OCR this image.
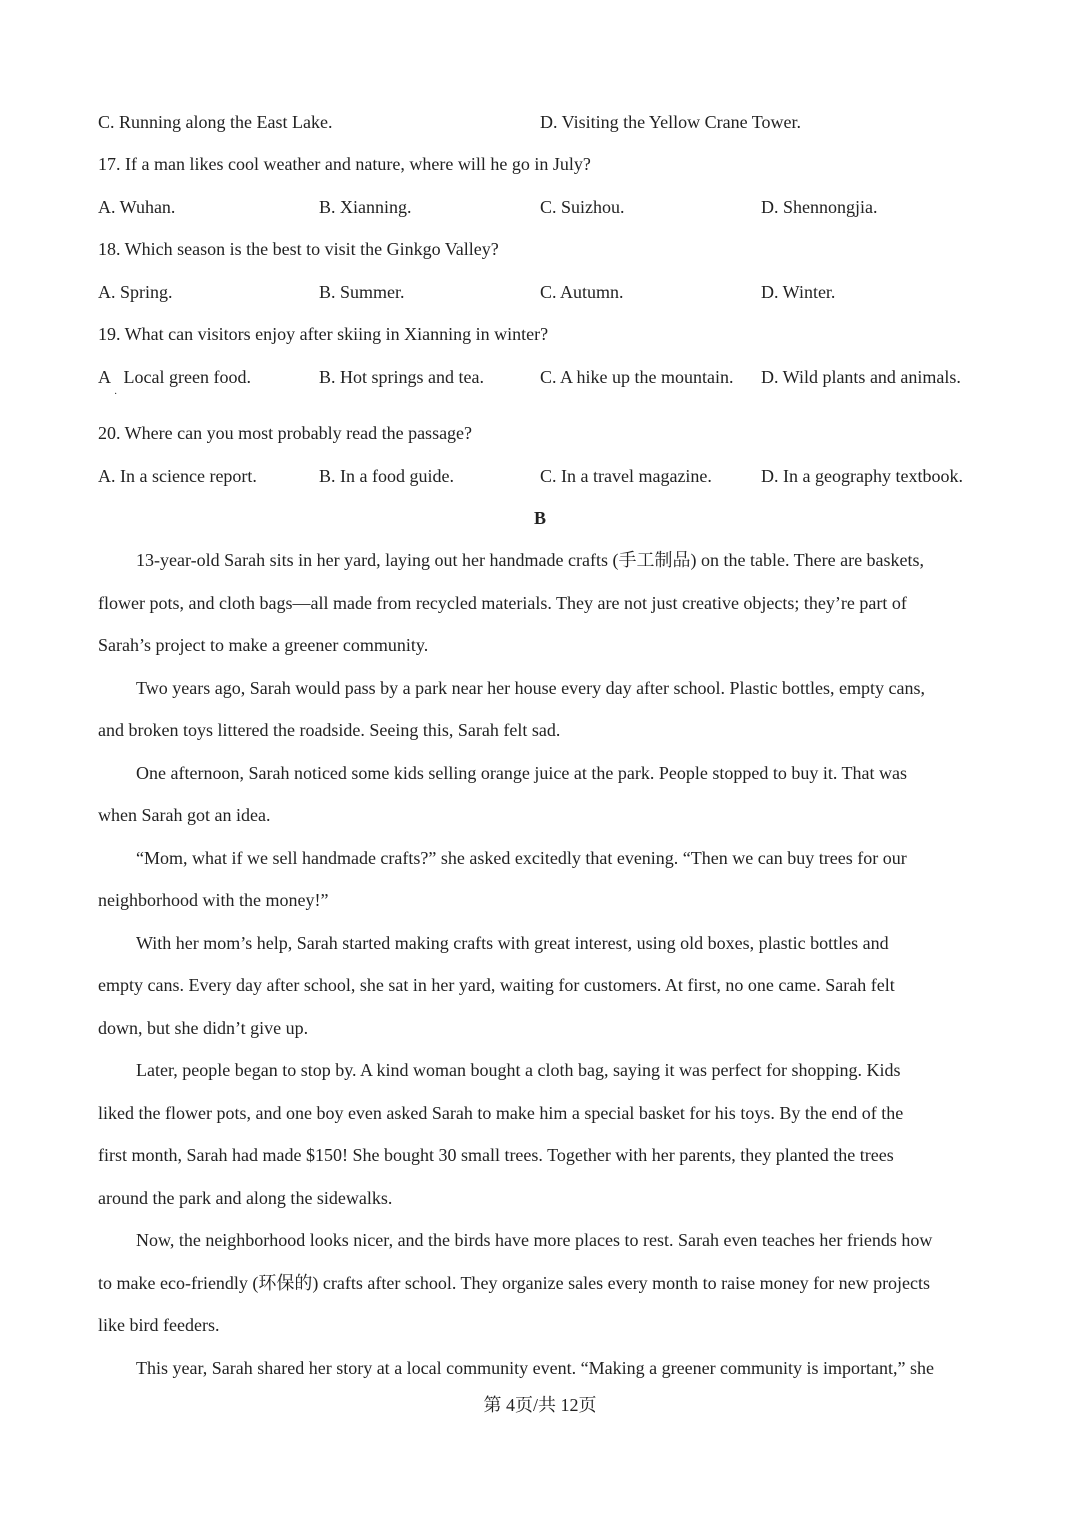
C. Running along the East Lake.	D. Visiting the Yellow Crane Tower.
17. If a man likes cool weather and nature, where will he go in July?
A. Wuhan.	B. Xianning.	C. Suizhou.	D. Shennongjia.
18. Which season is the best to visit the Ginkgo Valley?
A. Spring.	B. Summer.	C. Autumn.	D. Winter.
19. What can visitors enjoy after skiing in Xianning in winter?
A   Local green food.
·
B. Hot springs and tea.	C. A hike up the mountain. D. Wild plants and animals.
20. Where can you most probably read the passage?
A. In a science report.	B. In a food guide.	C. In a travel magazine.	D. In a geography textbook.
B
13-year-old Sarah sits in her yard, laying out her handmade crafts (手工制品) on the table. There are baskets,
flower pots, and cloth bags—all made from recycled materials. They are not just creative objects; they’re part of
Sarah’s project to make a greener community.
Two years ago, Sarah would pass by a park near her house every day after school. Plastic bottles, empty cans,
and broken toys littered the roadside. Seeing this, Sarah felt sad.
One afternoon, Sarah noticed some kids selling orange juice at the park. People stopped to buy it. That was
when Sarah got an idea.
“Mom, what if we sell handmade crafts?” she asked excitedly that evening. “Then we can buy trees for our
neighborhood with the money!”
With her mom’s help, Sarah started making crafts with great interest, using old boxes, plastic bottles and
empty cans. Every day after school, she sat in her yard, waiting for customers. At first, no one came. Sarah felt
down, but she didn’t give up.
Later, people began to stop by. A kind woman bought a cloth bag, saying it was perfect for shopping. Kids
liked the flower pots, and one boy even asked Sarah to make him a special basket for his toys. By the end of the
first month, Sarah had made $150! She bought 30 small trees. Together with her parents, they planted the trees
around the park and along the sidewalks.
Now, the neighborhood looks nicer, and the birds have more places to rest. Sarah even teaches her friends how
to make eco-friendly (环保的) crafts after school. They organize sales every month to raise money for new projects
like bird feeders.
This year, Sarah shared her story at a local community event. “Making a greener community is important,” she
第 4页/共 12页
